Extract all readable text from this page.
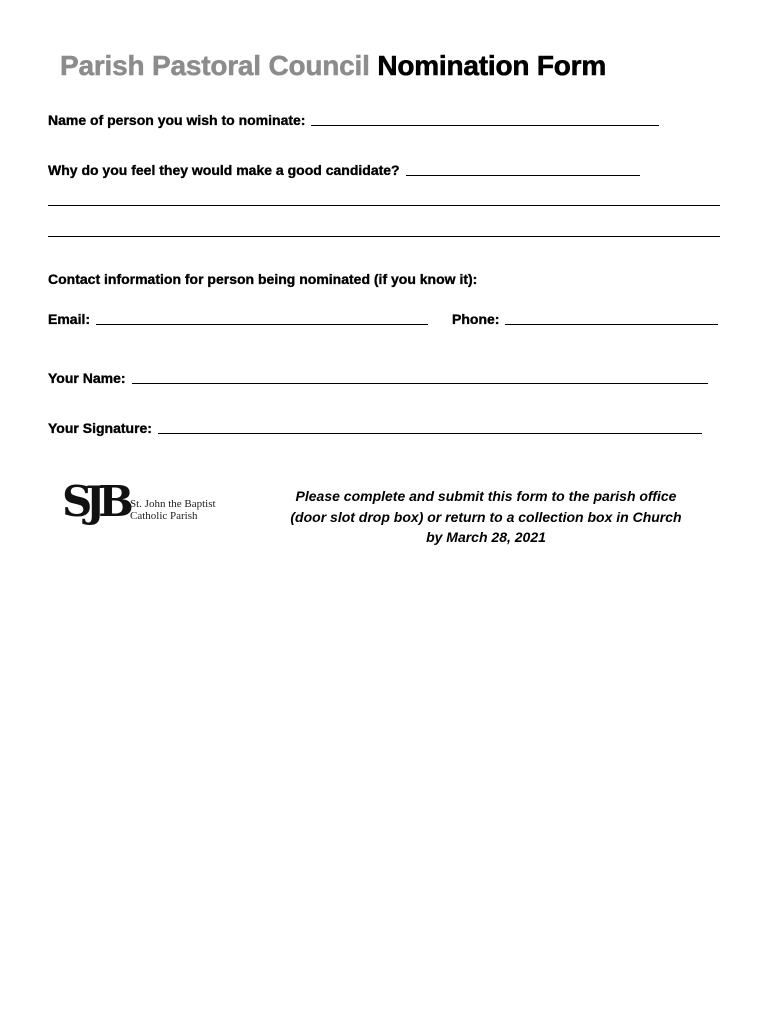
Parish Pastoral Council Nomination Form
Name of person you wish to nominate:
Why do you feel they would make a good candidate?
Contact information for person being nominated (if you know it):
Email:	Phone:
Your Name:
Your Signature:
SJB St. John the Baptist
Catholic Parish
Please complete and submit this form to the parish office
(door slot drop box) or return to a collection box in Church
by March 28, 2021
